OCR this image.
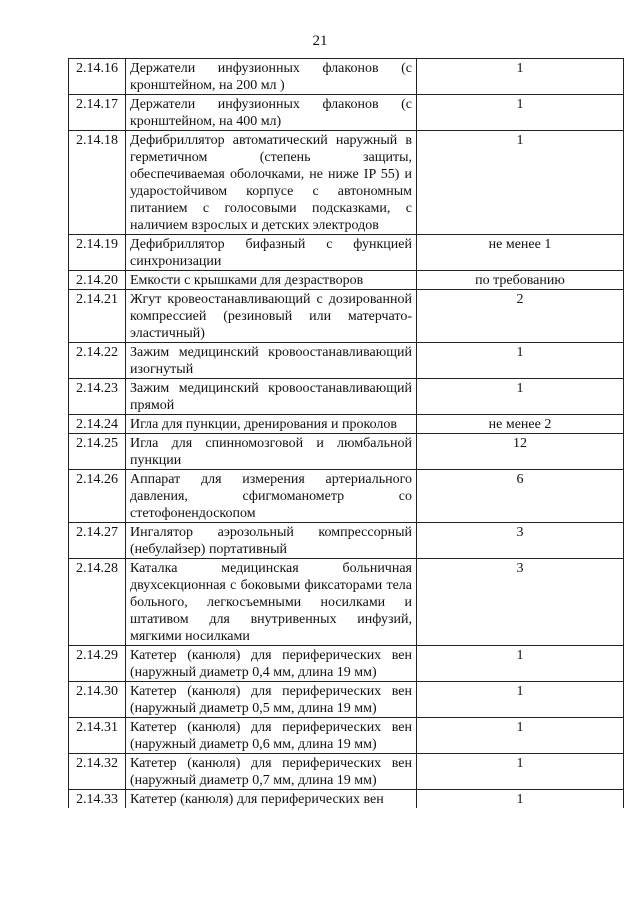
21
2.14.16	Держатели инфузионных флаконов (с кронштейном, на 200 мл )	1
2.14.17	Держатели инфузионных флаконов (с кронштейном, на 400 мл)	1
2.14.18	Дефибриллятор автоматический наружный в герметичном (степень защиты, обеспечиваемая оболочками, не ниже IP 55) и ударостойчивом корпусе с автономным питанием с голосовыми подсказками, с наличием взрослых и детских электродов	1
2.14.19	Дефибриллятор бифазный с функцией синхронизации	не менее 1
2.14.20	Емкости с крышками для дезрастворов	по требованию
2.14.21	Жгут кровеостанавливающий с дозированной компрессией (резиновый или матерчато-эластичный)	2
2.14.22	Зажим медицинский кровоостанавливающий изогнутый	1
2.14.23	Зажим медицинский кровоостанавливающий прямой	1
2.14.24	Игла для пункции, дренирования и проколов	не менее 2
2.14.25	Игла для спинномозговой и люмбальной пункции	12
2.14.26	Аппарат для измерения артериального давления, сфигмоманометр со стетофонендоскопом	6
2.14.27	Ингалятор аэрозольный компрессорный (небулайзер) портативный	3
2.14.28	Каталка медицинская больничная двухсекционная с боковыми фиксаторами тела больного, легкосъемными носилками и штативом для внутривенных инфузий, мягкими носилками	3
2.14.29	Катетер (канюля) для периферических вен (наружный диаметр 0,4 мм, длина 19 мм)	1
2.14.30	Катетер (канюля) для периферических вен (наружный диаметр 0,5 мм, длина 19 мм)	1
2.14.31	Катетер (канюля) для периферических вен (наружный диаметр 0,6 мм, длина 19 мм)	1
2.14.32	Катетер (канюля) для периферических вен (наружный диаметр 0,7 мм, длина 19 мм)	1
2.14.33	Катетер (канюля) для периферических вен	1
